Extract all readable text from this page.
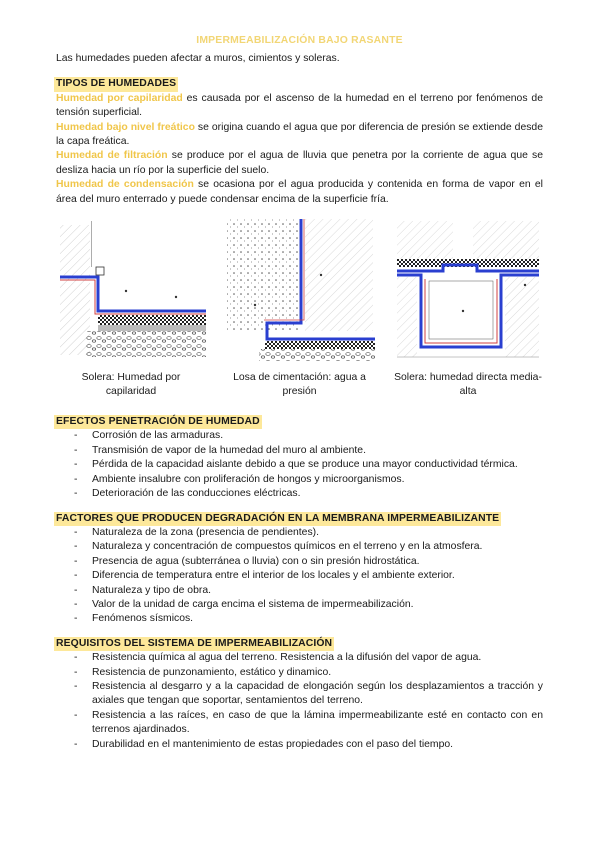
IMPERMEABILIZACIÓN BAJO RASANTE
Las humedades pueden afectar a muros, cimientos y soleras.
TIPOS DE HUMEDADES
Humedad por capilaridad es causada por el ascenso de la humedad en el terreno por fenómenos de tensión superficial.
Humedad bajo nivel freático se origina cuando el agua que por diferencia de presión se extiende desde la capa freática.
Humedad de filtración se produce por el agua de lluvia que penetra por la corriente de agua que se desliza hacia un río por la superficie del suelo.
Humedad de condensación se ocasiona por el agua producida y contenida en forma de vapor en el área del muro enterrado y puede condensar encima de la superficie fría.
Solera: Humedad por capilaridad
Losa de cimentación: agua a presión
Solera: humedad directa media-alta
EFECTOS PENETRACIÓN DE HUMEDAD
- Corrosión de las armaduras.
- Transmisión de vapor de la humedad del muro al ambiente.
- Pérdida de la capacidad aislante debido a que se produce una mayor conductividad térmica.
- Ambiente insalubre con proliferación de hongos y microorganismos.
- Deterioración de las conducciones eléctricas.
FACTORES QUE PRODUCEN DEGRADACIÓN EN LA MEMBRANA IMPERMEABILIZANTE
- Naturaleza de la zona (presencia de pendientes).
- Naturaleza y concentración de compuestos químicos en el terreno y en la atmosfera.
- Presencia de agua (subterránea o lluvia) con o sin presión hidrostática.
- Diferencia de temperatura entre el interior de los locales y el ambiente exterior.
- Naturaleza y tipo de obra.
- Valor de la unidad de carga encima el sistema de impermeabilización.
- Fenómenos sísmicos.
REQUISITOS DEL SISTEMA DE IMPERMEABILIZACIÓN
- Resistencia química al agua del terreno. Resistencia a la difusión del vapor de agua.
- Resistencia de punzonamiento, estático y dinamico.
- Resistencia al desgarro y a la capacidad de elongación según los desplazamientos a tracción y axiales que tengan que soportar, sentamientos del terreno.
- Resistencia a las raíces, en caso de que la lámina impermeabilizante esté en contacto con en terrenos ajardinados.
- Durabilidad en el mantenimiento de estas propiedades con el paso del tiempo.
